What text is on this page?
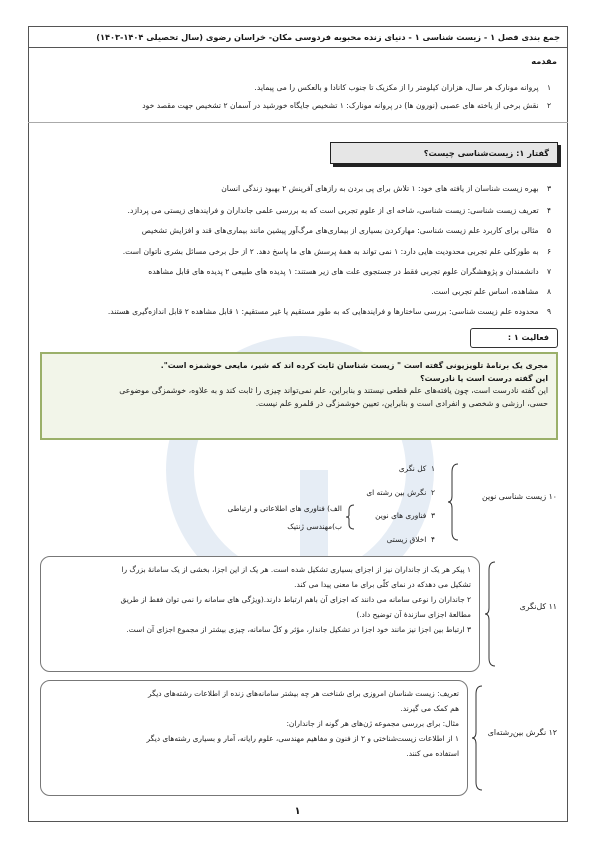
جمع بندی فصل ۱ - زیست شناسی ۱ - دنیای زنده محبوبه فردوسی مکان- خراسان رضوی (سال تحصیلی ۱۴۰۴-۱۴۰۳)
مقدمه
۱ پروانه مونارک هر سال، هزاران کیلومتر را از مکزیک تا جنوب کانادا و بالعکس را می پیماید.
۲ نقش برخی از یاخته های عصبی (نورون ها) در پروانه مونارک: ۱ تشخیص جایگاه خورشید در آسمان ۲ تشخیص جهت مقصد خود
گفتار ۱: زیست‌شناسی چیست؟
۳ بهره زیست شناسان از یافته های خود: ۱ تلاش برای پی بردن به رازهای آفرینش ۲ بهبود زندگی انسان
۴ تعریف زیست شناسی: زیست شناسی، شاخه ای از علوم تجربی است که به بررسی علمی جانداران و فرایندهای زیستی می پردازد.
۵ مثالی برای کاربرد علم زیست شناسی: مهارکردن بسیاری از بیماری‌های مرگ‌آور پیشین مانند بیماری‌های قند و افزایش‌ تشخیص
۶ به طورکلی علم تجربی محدودیت هایی دارد: ۱ نمی تواند به همهٔ پرسش های ما پاسخ دهد. ۲ از حل برخی مسائل بشری ناتوان است.
۷ دانشمندان و پژوهشگران علوم تجربی فقط در جستجوی علت های زیر هستند: ۱ پدیده های طبیعی ۲ پدیده های قابل مشاهده
۸ مشاهده، اساس علم تجربی است.
۹ محدوده علم زیست شناسی: بررسی ساختارها و فرایندهایی که به طور مستقیم یا غیر مستقیم: ۱ قابل مشاهده ۲ قابل اندازه‌گیری هستند.
فعالیت ۱ :
مجری یک برنامهٔ تلویزیونی گفته است " زیست شناسان ثابت کرده اند که شیر، مایعی خوشمزه است".
این گفته درست است یا نادرست؟
این گفته نادرست است، چون یافته‌های علم قطعی نیستند و بنابراین، علم نمی‌تواند چیزی را ثابت کند و به علاوه، خوشمزگی موضوعی
حسی، ارزشی و شخصی و انفرادی است و بنابراین، تعیین خوشمزگی در قلمرو علم نیست.
۱۰ زیست شناسی نوین
۱  کل نگری
۲  نگرش بین رشته ای
۳  فناوری های نوین
۴  اخلاق زیستی
الف) فناوری های اطلاعاتی و ارتباطی
ب)مهندسی ژنتیک
۱۱ کل‌نگری
۱ پیکر هر یک از جانداران نیز از اجزای بسیاری تشکیل شده است. هر یک از این اجزا، بخشی از یک سامانهٔ بزرگ را
تشکیل می دهدکه در نمای کلّی برای ما معنی پیدا می کند.
۲ جانداران را نوعی سامانه می دانند که اجزای آن باهم ارتباط دارند.(ویژگی های سامانه را نمی توان فقط از طریق
مطالعهٔ اجزای سازندهٔ آن توضیح داد.)
۳ ارتباط بین اجزا نیز مانند خود اجزا در تشکیل جاندار، مؤثر و کلّ سامانه، چیزی بیشتر از مجموع اجزای آن است.
۱۲ نگرش بین‌رشته‌ای
تعریف: زیست شناسان امروزی برای شناخت هر چه بیشتر سامانه‌های زنده از اطلاعات رشته‌های دیگر
هم کمک می گیرند.
مثال: برای بررسی مجموعه ژن‌های هر گونه از جانداران:
۱ از اطلاعات زیست‌شناختی و ۲ از فنون و مفاهیم مهندسی، علوم رایانه، آمار و بسیاری رشته‌های دیگر
استفاده می کنند.
۱
